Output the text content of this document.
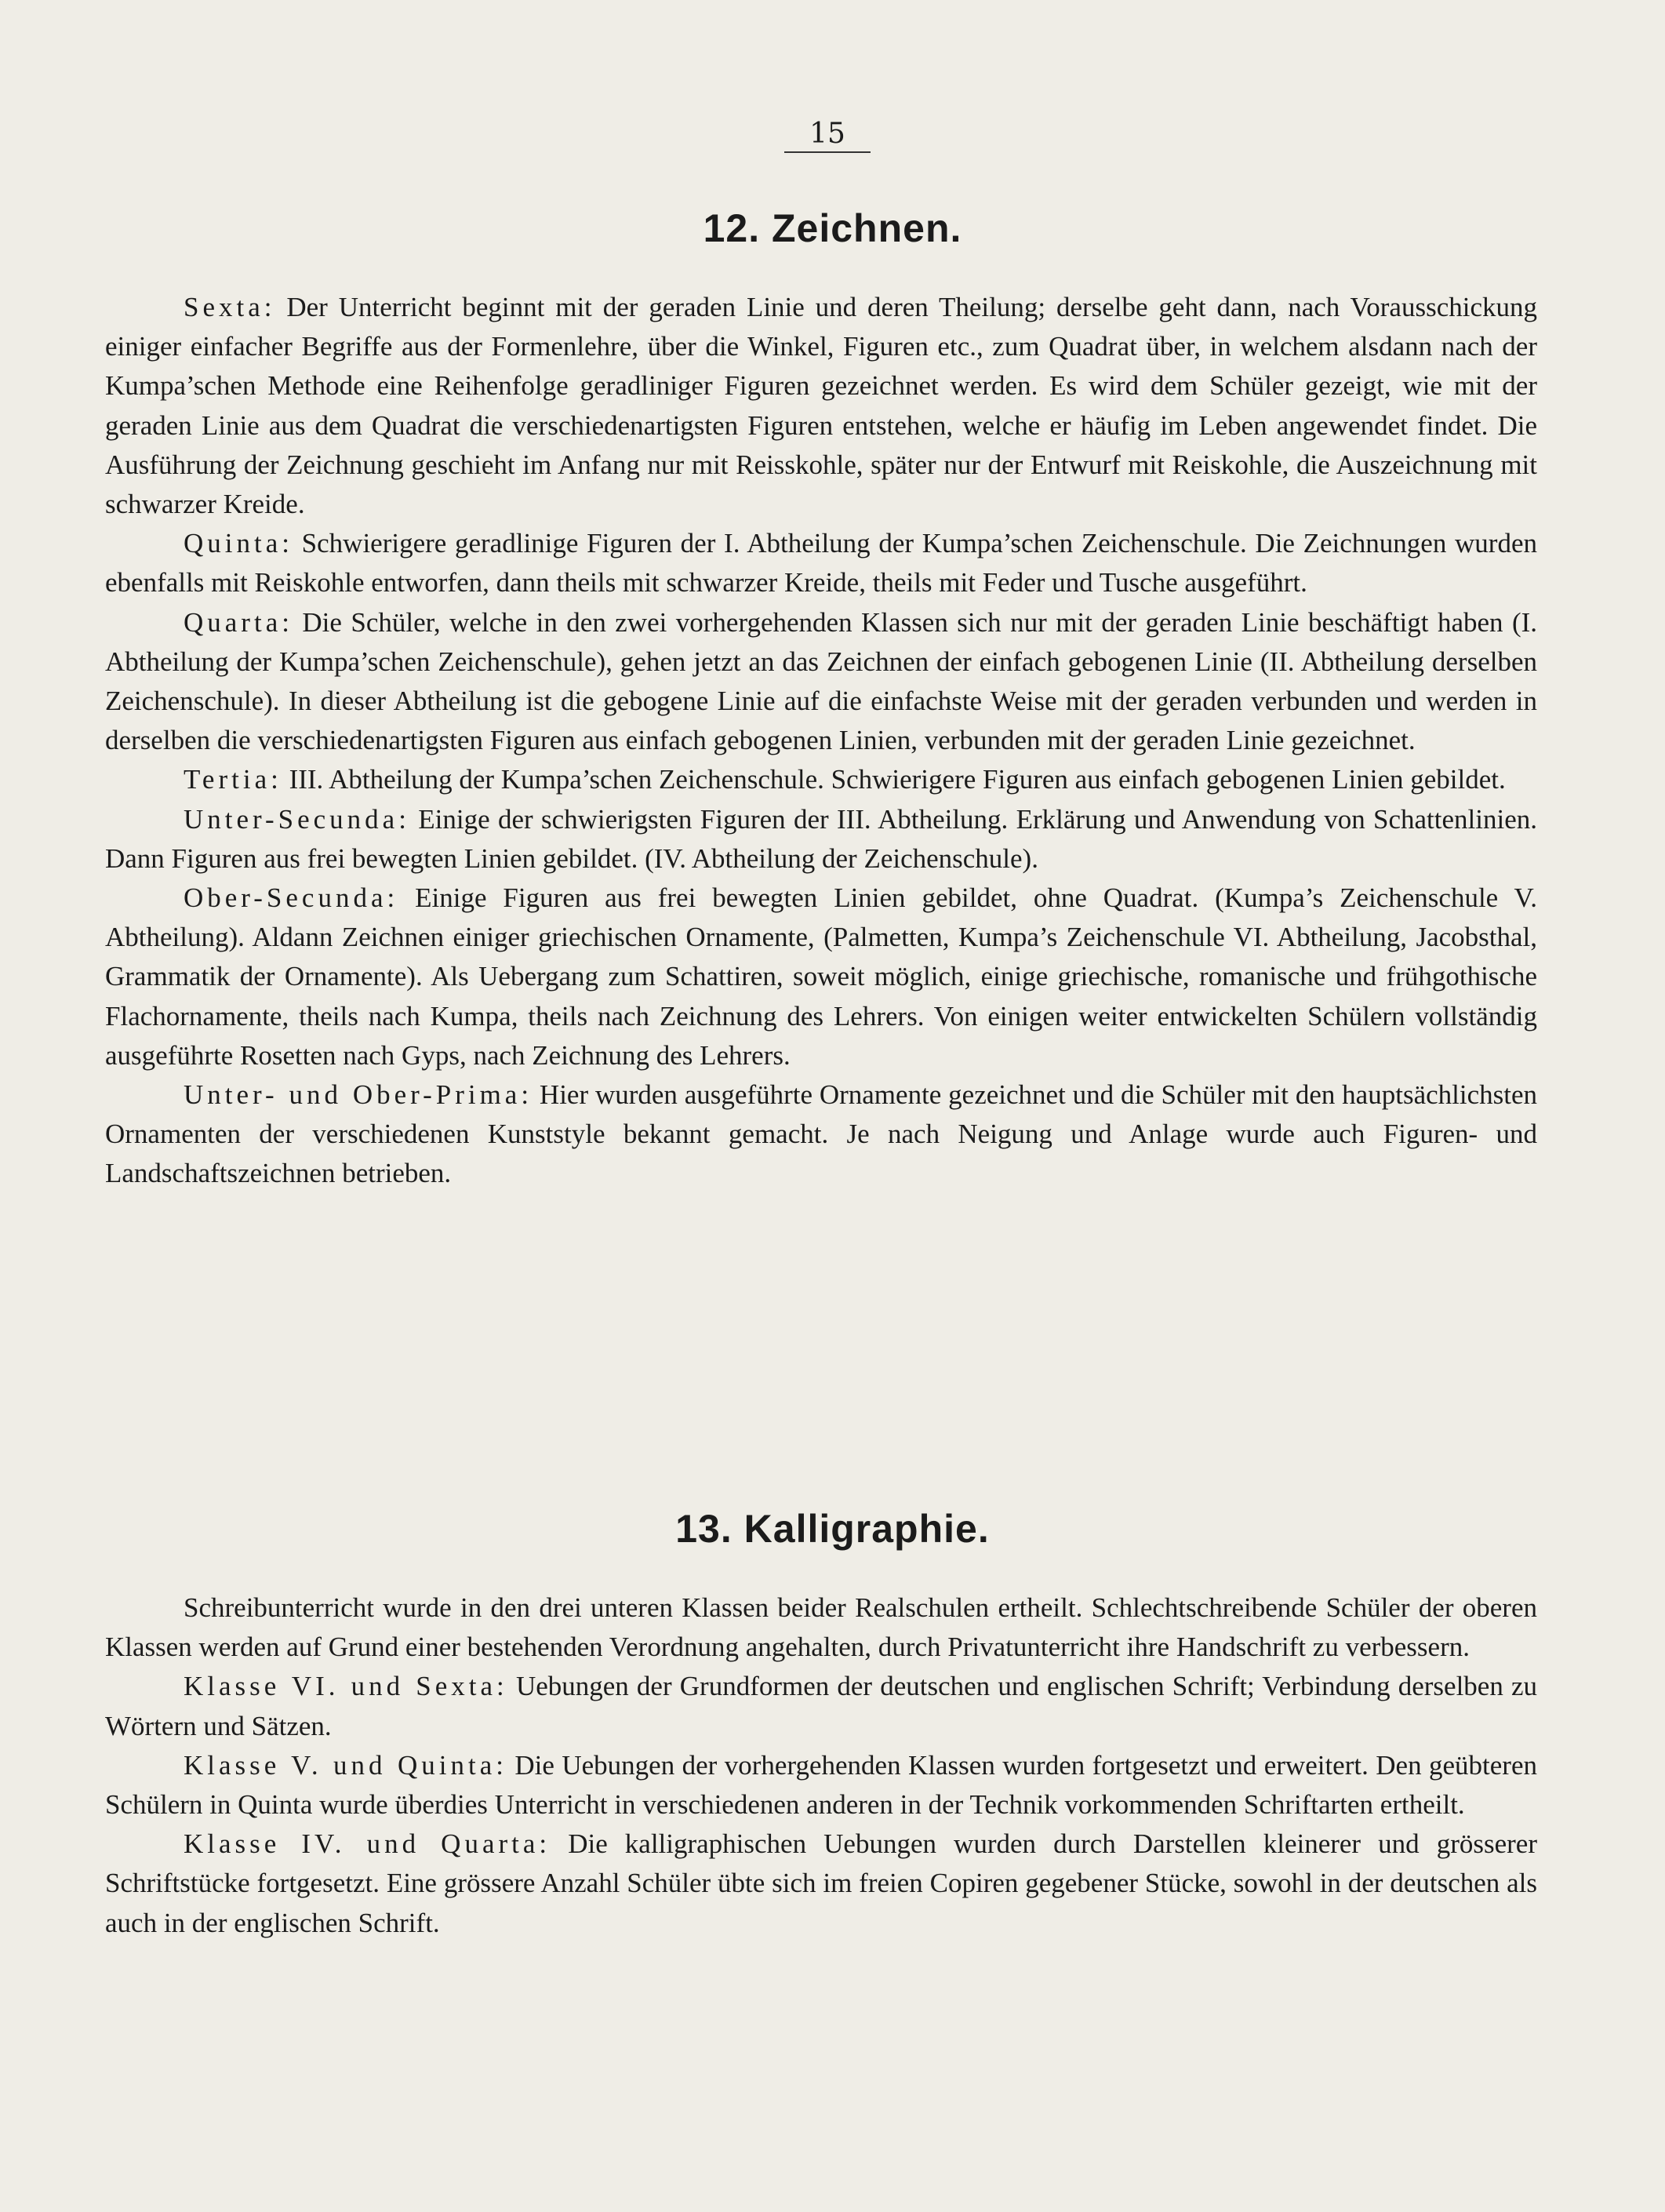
15
12. Zeichnen.

Sexta: Der Unterricht beginnt mit der geraden Linie und deren Theilung; derselbe geht dann, nach Vorausschickung einiger einfacher Begriffe aus der Formenlehre, über die Winkel, Figuren etc., zum Quadrat über, in welchem alsdann nach der Kumpa’schen Methode eine Reihenfolge geradliniger Figuren gezeichnet werden. Es wird dem Schüler gezeigt, wie mit der geraden Linie aus dem Quadrat die verschiedenartigsten Figuren entstehen, welche er häufig im Leben angewendet findet. Die Ausführung der Zeichnung geschieht im Anfang nur mit Reisskohle, später nur der Entwurf mit Reiskohle, die Auszeichnung mit schwarzer Kreide.

Quinta: Schwierigere geradlinige Figuren der I. Abtheilung der Kumpa’schen Zeichenschule. Die Zeichnungen wurden ebenfalls mit Reiskohle entworfen, dann theils mit schwarzer Kreide, theils mit Feder und Tusche ausgeführt.

Quarta: Die Schüler, welche in den zwei vorhergehenden Klassen sich nur mit der geraden Linie beschäftigt haben (I. Abtheilung der Kumpa’schen Zeichenschule), gehen jetzt an das Zeichnen der einfach gebogenen Linie (II. Abtheilung derselben Zeichenschule). In dieser Abtheilung ist die gebogene Linie auf die einfachste Weise mit der geraden verbunden und werden in derselben die verschiedenartigsten Figuren aus einfach gebogenen Linien, verbunden mit der geraden Linie gezeichnet.

Tertia: III. Abtheilung der Kumpa’schen Zeichenschule. Schwierigere Figuren aus einfach gebogenen Linien gebildet.

Unter-Secunda: Einige der schwierigsten Figuren der III. Abtheilung. Erklärung und Anwendung von Schattenlinien. Dann Figuren aus frei bewegten Linien gebildet. (IV. Abtheilung der Zeichenschule).

Ober-Secunda: Einige Figuren aus frei bewegten Linien gebildet, ohne Quadrat. (Kumpa’s Zeichenschule V. Abtheilung). Aldann Zeichnen einiger griechischen Ornamente, (Palmetten, Kumpa’s Zeichenschule VI. Abtheilung, Jacobsthal, Grammatik der Ornamente). Als Uebergang zum Schattiren, soweit möglich, einige griechische, romanische und frühgothische Flachornamente, theils nach Kumpa, theils nach Zeichnung des Lehrers. Von einigen weiter entwickelten Schülern vollständig ausgeführte Rosetten nach Gyps, nach Zeichnung des Lehrers.

Unter- und Ober-Prima: Hier wurden ausgeführte Ornamente gezeichnet und die Schüler mit den hauptsächlichsten Ornamenten der verschiedenen Kunststyle bekannt gemacht. Je nach Neigung und Anlage wurde auch Figuren- und Landschaftszeichnen betrieben.

13. Kalligraphie.

Schreibunterricht wurde in den drei unteren Klassen beider Realschulen ertheilt. Schlechtschreibende Schüler der oberen Klassen werden auf Grund einer bestehenden Verordnung angehalten, durch Privatunterricht ihre Handschrift zu verbessern.

Klasse VI. und Sexta: Uebungen der Grundformen der deutschen und englischen Schrift; Verbindung derselben zu Wörtern und Sätzen.

Klasse V. und Quinta: Die Uebungen der vorhergehenden Klassen wurden fortgesetzt und erweitert. Den geübteren Schülern in Quinta wurde überdies Unterricht in verschiedenen anderen in der Technik vorkommenden Schriftarten ertheilt.

Klasse IV. und Quarta: Die kalligraphischen Uebungen wurden durch Darstellen kleinerer und grösserer Schriftstücke fortgesetzt. Eine grössere Anzahl Schüler übte sich im freien Copiren gegebener Stücke, sowohl in der deutschen als auch in der englischen Schrift.
